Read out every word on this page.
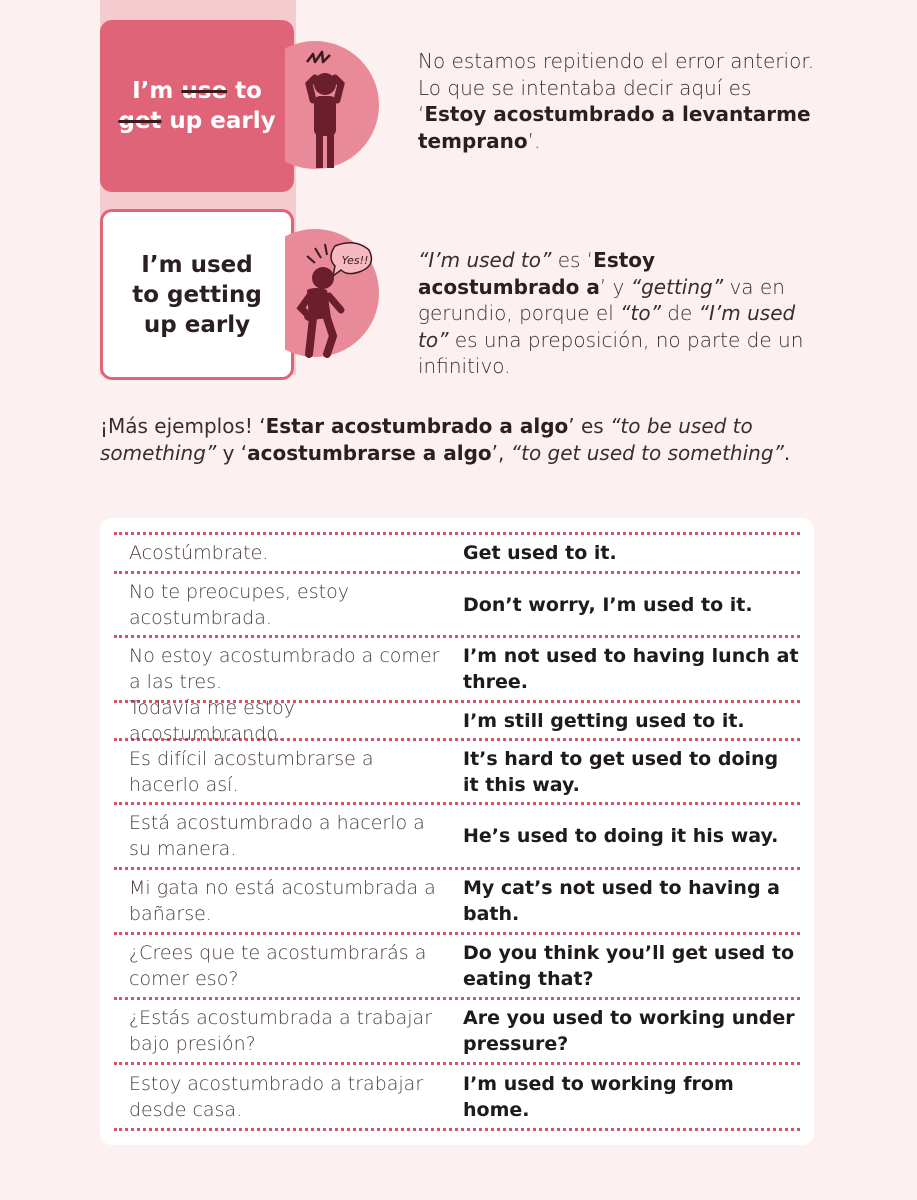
I’m use to get up early
I’m used to getting up early
Yes!!
No estamos repitiendo el error anterior. Lo que se intentaba decir aquí es ‘Estoy acostumbrado a levantarme temprano’.
“I’m used to” es ‘Estoy acostumbrado a’ y “getting” va en gerundio, porque el “to” de “I’m used to” es una preposición, no parte de un infinitivo.
¡Más ejemplos! ‘Estar acostumbrado a algo’ es “to be used to something” y ‘acostumbrarse a algo’, “to get used to something”.
Acostúmbrate.	Get used to it.
No te preocupes, estoy acostumbrada.
Don’t worry, I’m used to it.
No estoy acostumbrado a comer a las tres.
I’m not used to having lunch at three.
Todavía me estoy acostumbrando.
I’m still getting used to it.
Es difícil acostumbrarse a hacerlo así.
It’s hard to get used to doing it this way.
Está acostumbrado a hacerlo a su manera.
He’s used to doing it his way.
Mi gata no está acostumbrada a bañarse.
My cat’s not used to having a bath.
¿Crees que te acostumbrarás a comer eso?
Do you think you’ll get used to eating that?
¿Estás acostumbrada a trabajar bajo presión?
Are you used to working under pressure?
Estoy acostumbrado a trabajar desde casa.
I’m used to working from home.
